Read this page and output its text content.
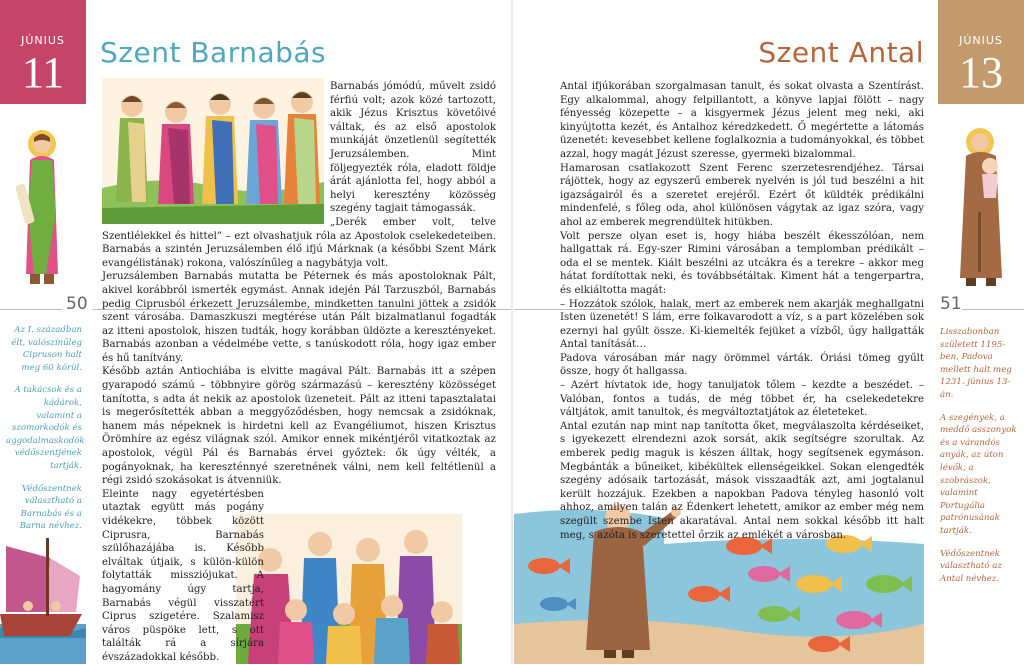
JÚNIUS
11	Szent Barnabás
50

Az I. században élt, valószínűleg Cipruson halt meg 60 körül.

A takácsok és a kádárok, valamint a szomorkodók és aggodalmaskodók védőszentjének tartják.

Védőszentnek választható a Barnabás és a Barna névhez.

Barnabás jómódú, művelt zsidó férfiú volt; azok közé tartozott, akik Jézus Krisztus követőivé váltak, és az első apostolok munkáját önzetlenül segítették Jeruzsálemben. Mint följegyezték róla, eladott földje árát ajánlotta fel, hogy abból a helyi keresztény közösség szegény tagjait támogassák.

„Derék ember volt, telve Szentlélekkel és hittel” – ezt olvashatjuk róla az Apostolok cselekedeteiben. Barnabás a szintén Jeruzsálemben élő ifjú Márknak (a későbbi Szent Márk evangélistának) rokona, valószínűleg a nagybátyja volt.

Jeruzsálemben Barnabás mutatta be Péternek és más apostoloknak Pált, akivel korábbról ismerték egymást. Annak idején Pál Tarzuszból, Barnabás pedig Ciprusból érkezett Jeruzsálembe, mindketten tanulni jöttek a zsidók szent városába. Damaszkuszi megtérése után Pált bizalmatlanul fogadták az itteni apostolok, hiszen tudták, hogy korábban üldözte a keresztényeket. Barnabás azonban a védelmébe vette, s tanúskodott róla, hogy igaz ember és hű tanítvány.

Később aztán Antiochiába is elvitte magával Pált. Barnabás itt a szépen gyarapodó számú – többnyire görög származású – keresztény közösséget tanította, s adta át nekik az apostolok üzeneteit. Pált az itteni tapasztalatai is megerősítették abban a meggyőződésben, hogy nemcsak a zsidóknak, hanem más népeknek is hirdetni kell az Evangéliumot, hiszen Krisztus Örömhíre az egész világnak szól. Amikor ennek mikéntjéről vitatkoztak az apostolok, végül Pál és Barnabás érvei győztek: ők úgy vélték, a pogányoknak, ha kereszténnyé szeretnének válni, nem kell feltétlenül a régi zsidó szokásokat is átvenniük.

Eleinte nagy egyetértésben utaztak együtt más pogány vidékekre, többek között Ciprusra, Barnabás szülőhazájába is. Később elváltak útjaik, s külön-külön folytatták missziójukat. A hagyomány úgy tartja, Barnabás végül visszatért Ciprus szigetére. Szalamisz város püspöke lett, s ott találták rá a sírjára évszázadokkal később.

JÚNIUS
13
Szent Antal
51

Lisszabonban született 1195-ben, Padova mellett halt meg 1231. június 13-án.

A szegények, a meddő asszonyok és a várandós anyák, az úton lévők, a szobrászok, valamint Portugália patrónusának tartják.

Védőszentnek választható az Antal névhez.

Antal ifjúkorában szorgalmasan tanult, és sokat olvasta a Szentírást. Egy alkalommal, ahogy felpillantott, a könyve lapjai fölött – nagy fényesség közepette – a kisgyermek Jézus jelent meg neki, aki kinyújtotta kezét, és Antalhoz kéredzkedett. Ő megértette a látomás üzenetét: kevesebbet kellene foglalkoznia a tudományokkal, és többet azzal, hogy magát Jézust szeresse, gyermeki bizalommal.

Hamarosan csatlakozott Szent Ferenc szerzetesrendjéhez. Társai rájöttek, hogy az egyszerű emberek nyelvén is jól tud beszélni a hit igazságairól és a szeretet erejéről. Ezért őt küldték prédikálni mindenfelé, s főleg oda, ahol különösen vágytak az igaz szóra, vagy ahol az emberek megrendültek hitükben.

Volt persze olyan eset is, hogy hiába beszélt ékesszólóan, nem hallgattak rá. Egy-szer Rimini városában a templomban prédikált – oda el se mentek. Kiált beszélni az utcákra és a terekre – akkor meg hátat fordítottak neki, és továbbsétáltak. Kiment hát a tengerpartra, és elkiáltotta magát:

– Hozzátok szólok, halak, mert az emberek nem akarják meghallgatni Isten üzenetét! S lám, erre folkavarodott a víz, s a part közelében sok ezernyi hal gyűlt össze. Ki-kiemelték fejüket a vízből, úgy hallgatták Antal tanítását…

Padova városában már nagy örömmel várták. Óriási tömeg gyűlt össze, hogy őt hallgassa.

– Azért hívtatok ide, hogy tanuljatok tőlem – kezdte a beszédet. – Valóban, fontos a tudás, de még többet ér, ha cselekedetekre váltjátok, amit tanultok, és megváltoztatjátok az életeteket.

Antal ezután nap mint nap tanította őket, megválaszolta kérdéseiket, s igyekezett elrendezni azok sorsát, akik segítségre szorultak. Az emberek pedig maguk is készen álltak, hogy segítsenek egymáson. Megbánták a bűneiket, kibékültek ellenségeikkel. Sokan elengedték szegény adósaik tartozását, mások visszaadták azt, ami jogtalanul került hozzájuk. Ezekben a napokban Padova tényleg hasonló volt ahhoz, amilyen talán az Édenkert lehetett, amikor az ember még nem szegült szembe Isten akaratával. Antal nem sokkal később itt halt meg, s azóta is szeretettel őrzik az emlékét a városban.
